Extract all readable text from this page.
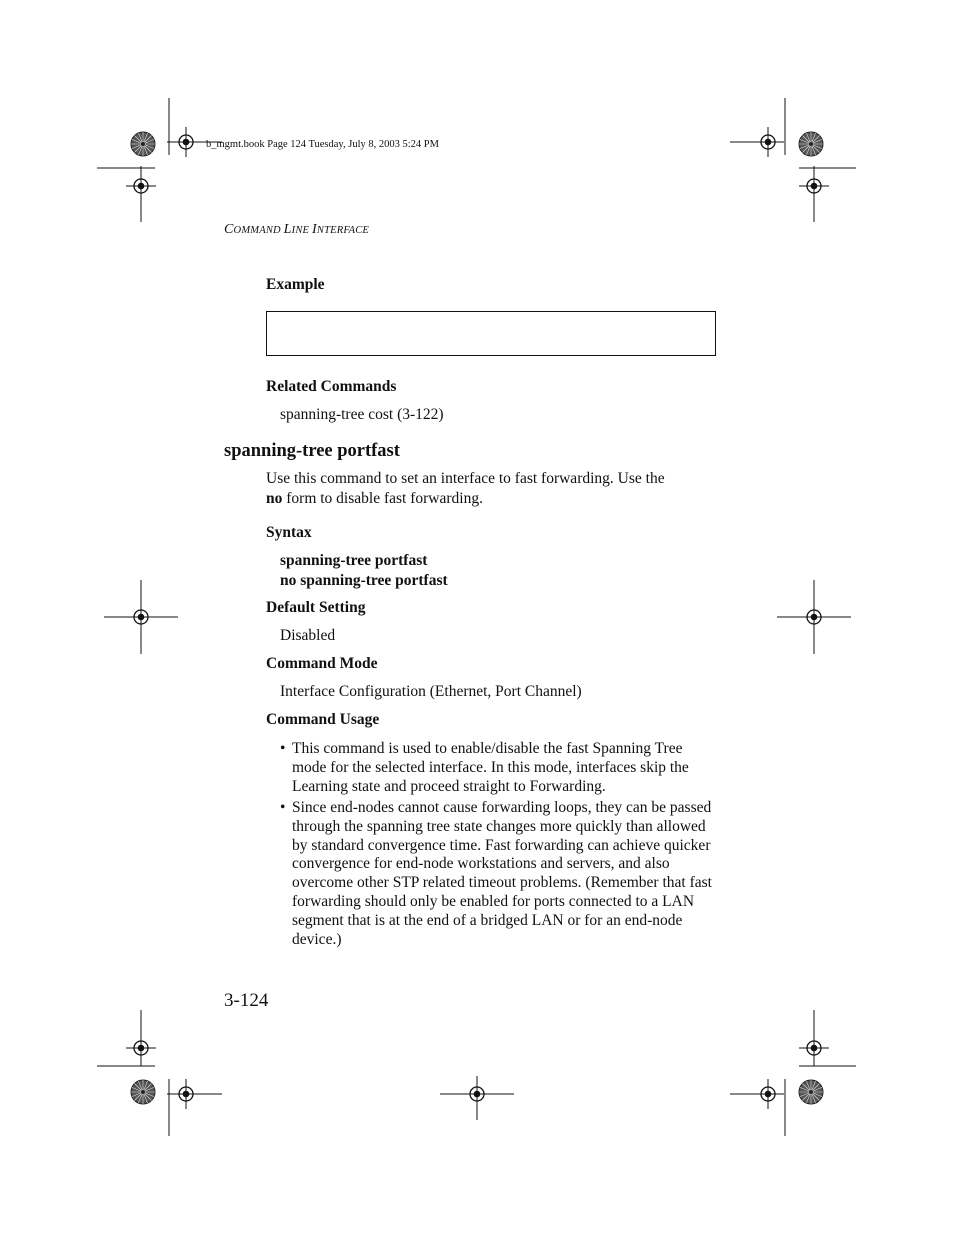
b_mgmt.book Page 124 Tuesday, July 8, 2003 5:24 PM
COMMAND LINE INTERFACE
Example
Related Commands
spanning-tree cost (3-122)
spanning-tree portfast
Use this command to set an interface to fast forwarding. Use the
no form to disable fast forwarding.
Syntax
spanning-tree portfast
no spanning-tree portfast
Default Setting
Disabled
Command Mode
Interface Configuration (Ethernet, Port Channel)
Command Usage
• This command is used to enable/disable the fast Spanning Tree mode for the selected interface. In this mode, interfaces skip the Learning state and proceed straight to Forwarding.
• Since end-nodes cannot cause forwarding loops, they can be passed through the spanning tree state changes more quickly than allowed by standard convergence time. Fast forwarding can achieve quicker convergence for end-node workstations and servers, and also overcome other STP related timeout problems. (Remember that fast forwarding should only be enabled for ports connected to a LAN segment that is at the end of a bridged LAN or for an end-node device.)
3-124
